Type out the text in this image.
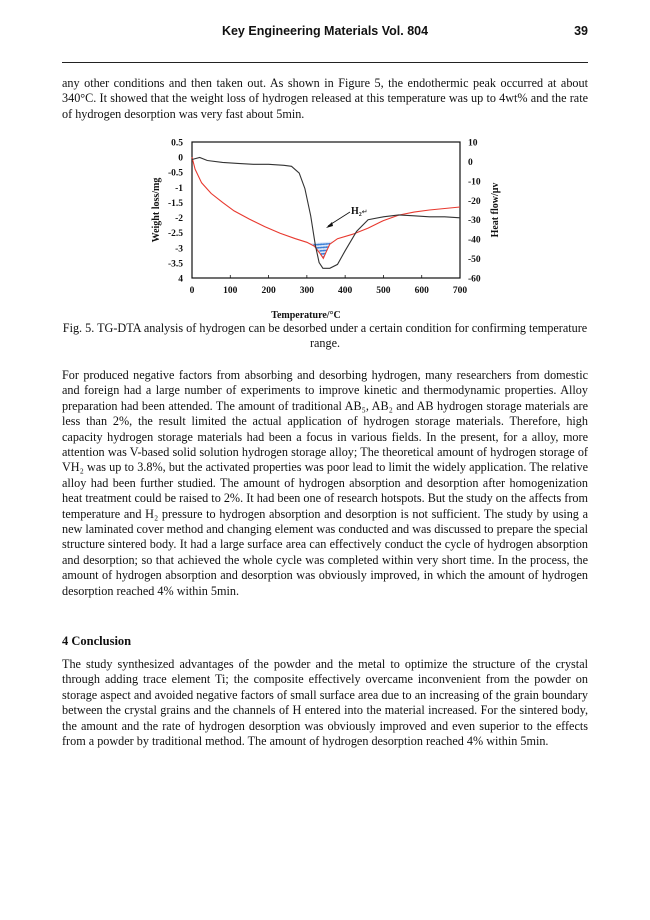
Key Engineering Materials Vol. 804	39

any other conditions and then taken out. As shown in Figure 5, the endothermic peak occurred at about 340°C. It showed that the weight loss of hydrogen released at this temperature was up to 4wt% and the rate of hydrogen desorption was very fast about 5min.

0	100	200	300	400	500	600	700
0.5
0
-0.5
-1
-1.5
-2
-2.5
-3
-3.5
4
10
0
-10
-20
-30
-40
-50
-60
H₂↵
Temperature/°C
Weight loss/mg	Heat flow/μv

Fig. 5. TG-DTA analysis of hydrogen can be desorbed under a certain condition for confirming temperature range.

For produced negative factors from absorbing and desorbing hydrogen, many researchers from domestic and foreign had a large number of experiments to improve kinetic and thermodynamic properties. Alloy preparation had been attended. The amount of traditional AB₅, AB₂ and AB hydrogen storage materials are less than 2%, the result limited the actual application of hydrogen storage materials. Therefore, high capacity hydrogen storage materials had been a focus in various fields. In the present, for a alloy, more attention was V-based solid solution hydrogen storage alloy; The theoretical amount of hydrogen storage of VH₂ was up to 3.8%, but the activated properties was poor lead to limit the widely application. The relative alloy had been further studied. The amount of hydrogen absorption and desorption after homogenization heat treatment could be raised to 2%. It had been one of research hotspots. But the study on the affects from temperature and H₂ pressure to hydrogen absorption and desorption is not sufficient. The study by using a new laminated cover method and changing element was conducted and was discussed to prepare the special structure sintered body. It had a large surface area can effectively conduct the cycle of hydrogen absorption and desorption; so that achieved the whole cycle was completed within very short time. In the process, the amount of hydrogen absorption and desorption was obviously improved, in which the amount of hydrogen desorption reached 4% within 5min.

4 Conclusion

The study synthesized advantages of the powder and the metal to optimize the structure of the crystal through adding trace element Ti; the composite effectively overcame inconvenient from the powder on storage aspect and avoided negative factors of small surface area due to an increasing of the grain boundary between the crystal grains and the channels of H entered into the material increased. For the sintered body, the amount and the rate of hydrogen desorption was obviously improved and even superior to the effects from a powder by traditional method. The amount of hydrogen desorption reached 4% within 5min.
